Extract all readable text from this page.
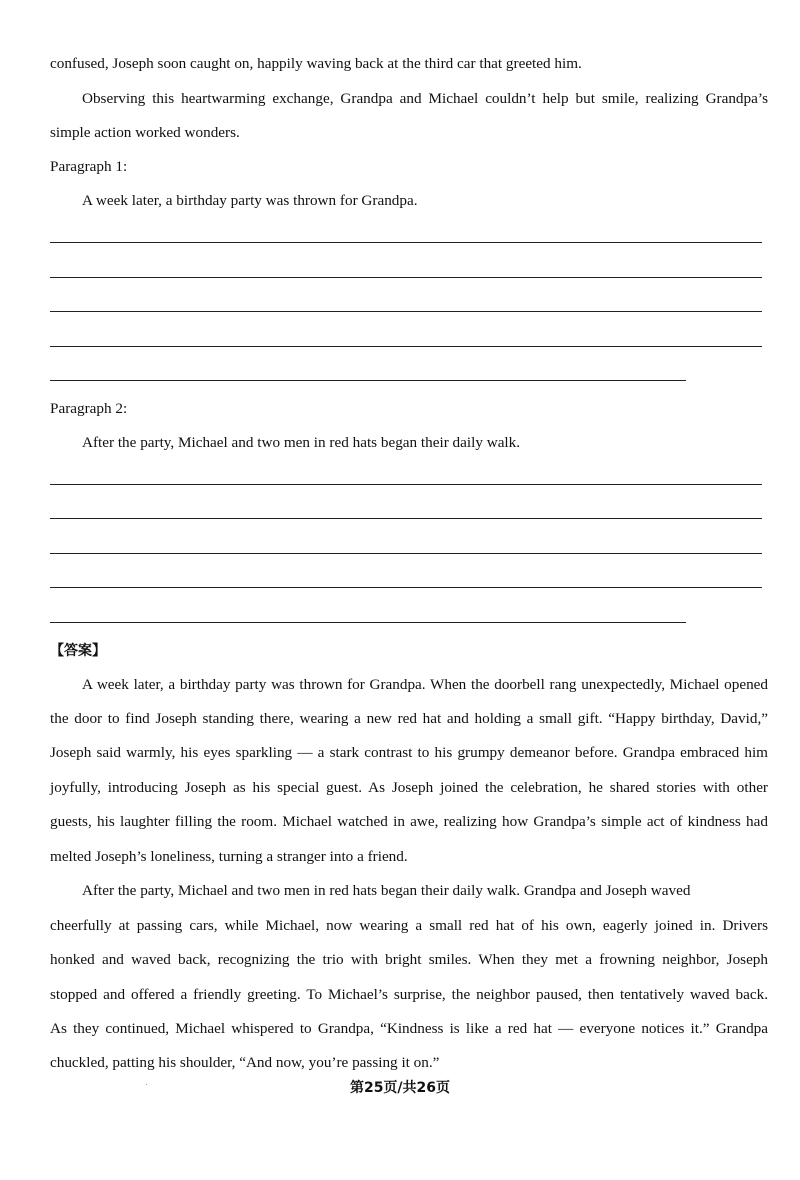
confused, Joseph soon caught on, happily waving back at the third car that greeted him.

Observing this heartwarming exchange, Grandpa and Michael couldn’t help but smile, realizing Grandpa’s

simple action worked wonders.

Paragraph 1:

A week later, a birthday party was thrown for Grandpa.

Paragraph 2:

After the party, Michael and two men in red hats began their daily walk.

【答案】

A week later, a birthday party was thrown for Grandpa. When the doorbell rang unexpectedly, Michael opened

the door to find Joseph standing there, wearing a new red hat and holding a small gift. “Happy birthday, David,”

Joseph said warmly, his eyes sparkling — a stark contrast to his grumpy demeanor before. Grandpa embraced him

joyfully, introducing Joseph as his special guest. As Joseph joined the celebration, he shared stories with other

guests, his laughter filling the room. Michael watched in awe, realizing how Grandpa’s simple act of kindness had

melted Joseph’s loneliness, turning a stranger into a friend.

After the party, Michael and two men in red hats began their daily walk. Grandpa and Joseph waved

cheerfully at passing cars, while Michael, now wearing a small red hat of his own, eagerly joined in. Drivers

honked and waved back, recognizing the trio with bright smiles. When they met a frowning neighbor, Joseph

stopped and offered a friendly greeting. To Michael’s surprise, the neighbor paused, then tentatively waved back.

As they continued, Michael whispered to Grandpa, “Kindness is like a red hat — everyone notices it.” Grandpa

chuckled, patting his shoulder, “And now, you’re passing it on.”

第25页/共26页
